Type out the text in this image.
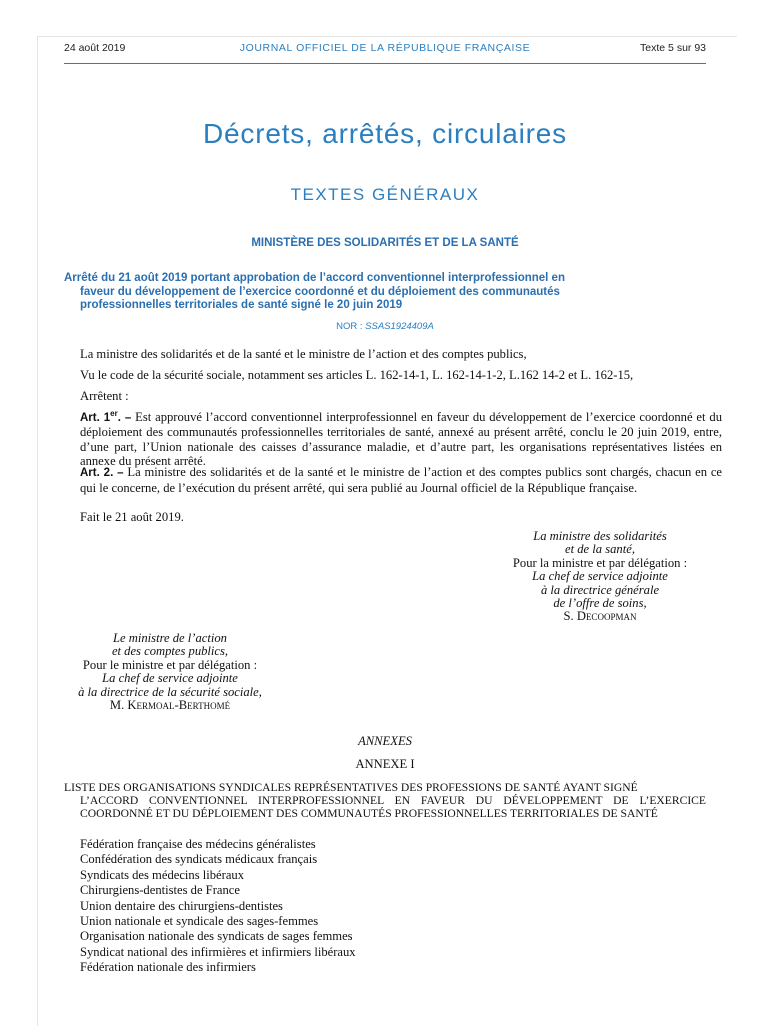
24 août 2019	JOURNAL OFFICIEL DE LA RÉPUBLIQUE FRANÇAISE	Texte 5 sur 93
Décrets, arrêtés, circulaires
TEXTES GÉNÉRAUX
MINISTÈRE DES SOLIDARITÉS ET DE LA SANTÉ
Arrêté du 21 août 2019 portant approbation de l’accord conventionnel interprofessionnel en
faveur du développement de l’exercice coordonné et du déploiement des communautés
professionnelles territoriales de santé signé le 20 juin 2019
NOR : SSAS1924409A
La ministre des solidarités et de la santé et le ministre de l’action et des comptes publics,
Vu le code de la sécurité sociale, notamment ses articles L. 162-14-1, L. 162-14-1-2, L.162 14-2 et L. 162-15,
Arrêtent :
Art. 1er. – Est approuvé l’accord conventionnel interprofessionnel en faveur du développement de l’exercice coordonné et du déploiement des communautés professionnelles territoriales de santé, annexé au présent arrêté, conclu le 20 juin 2019, entre, d’une part, l’Union nationale des caisses d’assurance maladie, et d’autre part, les organisations représentatives listées en annexe du présent arrêté.
Art. 2. – La ministre des solidarités et de la santé et le ministre de l’action et des comptes publics sont chargés, chacun en ce qui le concerne, de l’exécution du présent arrêté, qui sera publié au Journal officiel de la République française.
Fait le 21 août 2019.
La ministre des solidarités
et de la santé,
Pour la ministre et par délégation :
La chef de service adjointe
à la directrice générale
de l’offre de soins,
S. Decoopman
Le ministre de l’action
et des comptes publics,
Pour le ministre et par délégation :
La chef de service adjointe
à la directrice de la sécurité sociale,
M. Kermoal-Berthomé
ANNEXES
ANNEXE I
LISTE DES ORGANISATIONS SYNDICALES REPRÉSENTATIVES DES PROFESSIONS DE SANTÉ AYANT SIGNÉ
L’ACCORD CONVENTIONNEL INTERPROFESSIONNEL EN FAVEUR DU DÉVELOPPEMENT DE L’EXERCICE COORDONNÉ ET DU DÉPLOIEMENT DES COMMUNAUTÉS PROFESSIONNELLES TERRITORIALES DE SANTÉ
Fédération française des médecins généralistes
Confédération des syndicats médicaux français
Syndicats des médecins libéraux
Chirurgiens-dentistes de France
Union dentaire des chirurgiens-dentistes
Union nationale et syndicale des sages-femmes
Organisation nationale des syndicats de sages femmes
Syndicat national des infirmières et infirmiers libéraux
Fédération nationale des infirmiers
